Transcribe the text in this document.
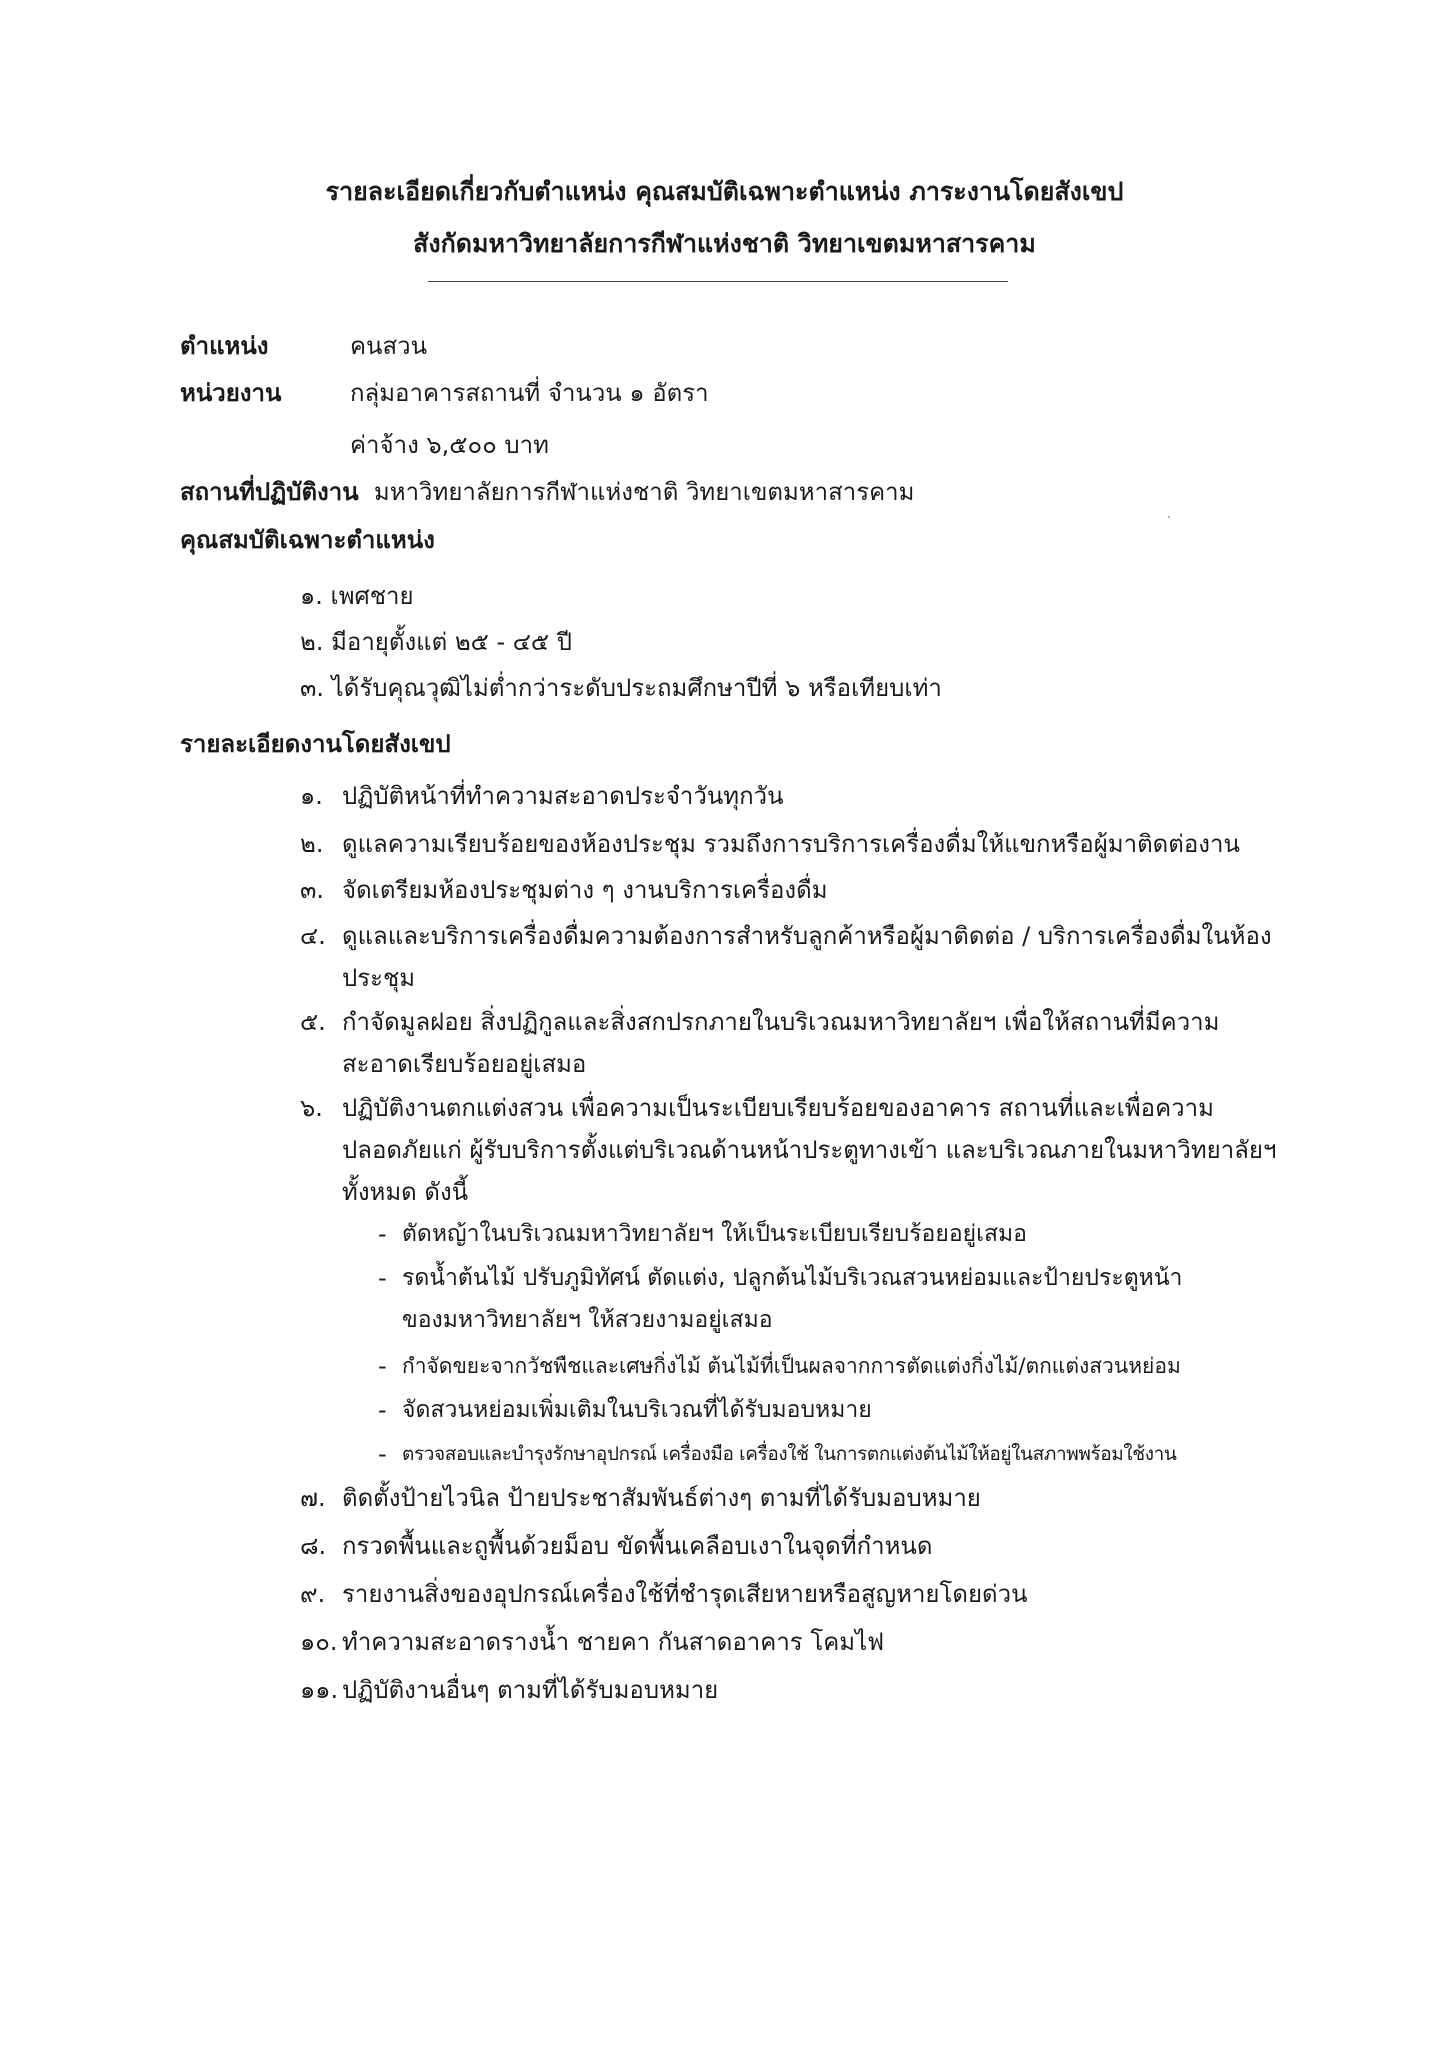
รายละเอียดเกี่ยวกับตำแหน่ง คุณสมบัติเฉพาะตำแหน่ง ภาระงานโดยสังเขป
สังกัดมหาวิทยาลัยการกีฬาแห่งชาติ วิทยาเขตมหาสารคาม
ตำแหน่ง	คนสวน
หน่วยงาน	กลุ่มอาคารสถานที่ จำนวน ๑ อัตรา
ค่าจ้าง ๖,๕๐๐ บาท
สถานที่ปฏิบัติงาน มหาวิทยาลัยการกีฬาแห่งชาติ วิทยาเขตมหาสารคาม
คุณสมบัติเฉพาะตำแหน่ง
๑. เพศชาย
๒. มีอายุตั้งแต่ ๒๕ - ๔๕ ปี
๓. ได้รับคุณวุฒิไม่ต่ำกว่าระดับประถมศึกษาปีที่ ๖ หรือเทียบเท่า
รายละเอียดงานโดยสังเขป
๑. ปฏิบัติหน้าที่ทำความสะอาดประจำวันทุกวัน
๒. ดูแลความเรียบร้อยของห้องประชุม รวมถึงการบริการเครื่องดื่มให้แขกหรือผู้มาติดต่องาน
๓. จัดเตรียมห้องประชุมต่าง ๆ งานบริการเครื่องดื่ม
๔. ดูแลและบริการเครื่องดื่มความต้องการสำหรับลูกค้าหรือผู้มาติดต่อ / บริการเครื่องดื่มในห้อง
ประชุม
๕. กำจัดมูลฝอย สิ่งปฏิกูลและสิ่งสกปรกภายในบริเวณมหาวิทยาลัยฯ เพื่อให้สถานที่มีความ
สะอาดเรียบร้อยอยู่เสมอ
๖. ปฏิบัติงานตกแต่งสวน เพื่อความเป็นระเบียบเรียบร้อยของอาคาร สถานที่และเพื่อความ
ปลอดภัยแก่ ผู้รับบริการตั้งแต่บริเวณด้านหน้าประตูทางเข้า และบริเวณภายในมหาวิทยาลัยฯ
ทั้งหมด ดังนี้
- ตัดหญ้าในบริเวณมหาวิทยาลัยฯ ให้เป็นระเบียบเรียบร้อยอยู่เสมอ
- รดน้ำต้นไม้ ปรับภูมิทัศน์ ตัดแต่ง, ปลูกต้นไม้บริเวณสวนหย่อมและป้ายประตูหน้า
ของมหาวิทยาลัยฯ ให้สวยงามอยู่เสมอ
- กำจัดขยะจากวัชพืชและเศษกิ่งไม้ ต้นไม้ที่เป็นผลจากการตัดแต่งกิ่งไม้/ตกแต่งสวนหย่อม
- จัดสวนหย่อมเพิ่มเติมในบริเวณที่ได้รับมอบหมาย
- ตรวจสอบและบำรุงรักษาอุปกรณ์ เครื่องมือ เครื่องใช้ ในการตกแต่งต้นไม้ให้อยู่ในสภาพพร้อมใช้งาน
๗. ติดตั้งป้ายไวนิล ป้ายประชาสัมพันธ์ต่างๆ ตามที่ได้รับมอบหมาย
๘. กรวดพื้นและถูพื้นด้วยม็อบ ขัดพื้นเคลือบเงาในจุดที่กำหนด
๙. รายงานสิ่งของอุปกรณ์เครื่องใช้ที่ชำรุดเสียหายหรือสูญหายโดยด่วน
๑๐. ทำความสะอาดรางน้ำ ชายคา กันสาดอาคาร โคมไฟ
๑๑. ปฏิบัติงานอื่นๆ ตามที่ได้รับมอบหมาย
